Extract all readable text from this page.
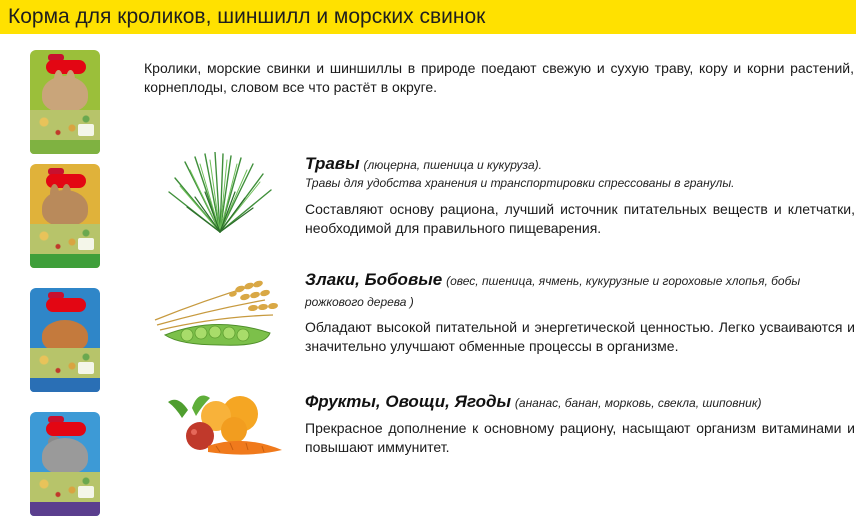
Корма для кроликов, шиншилл и морских свинок

Кролики, морские свинки и шиншиллы в природе поедают свежую и сухую траву, кору и корни растений, корнеплоды, словом все что растёт в округе.

Травы (люцерна, пшеница и кукуруза).
Травы для удобства хранения и транспортировки спрессованы в гранулы.

Составляют основу рациона, лучший источник питательных веществ и клетчатки, необходимой для правильного пищеварения.

Злаки, Бобовые (овес, пшеница, ячмень, кукурузные и гороховые хлопья, бобы рожкового дерева )

Обладают высокой питательной и энергетической ценностью. Легко усваиваются и значительно улучшают обменные процессы в организме.

Фрукты, Овощи, Ягоды (ананас, банан, морковь, свекла, шиповник)

Прекрасное дополнение к основному рациону, насыщают организм витаминами и повышают иммунитет.
